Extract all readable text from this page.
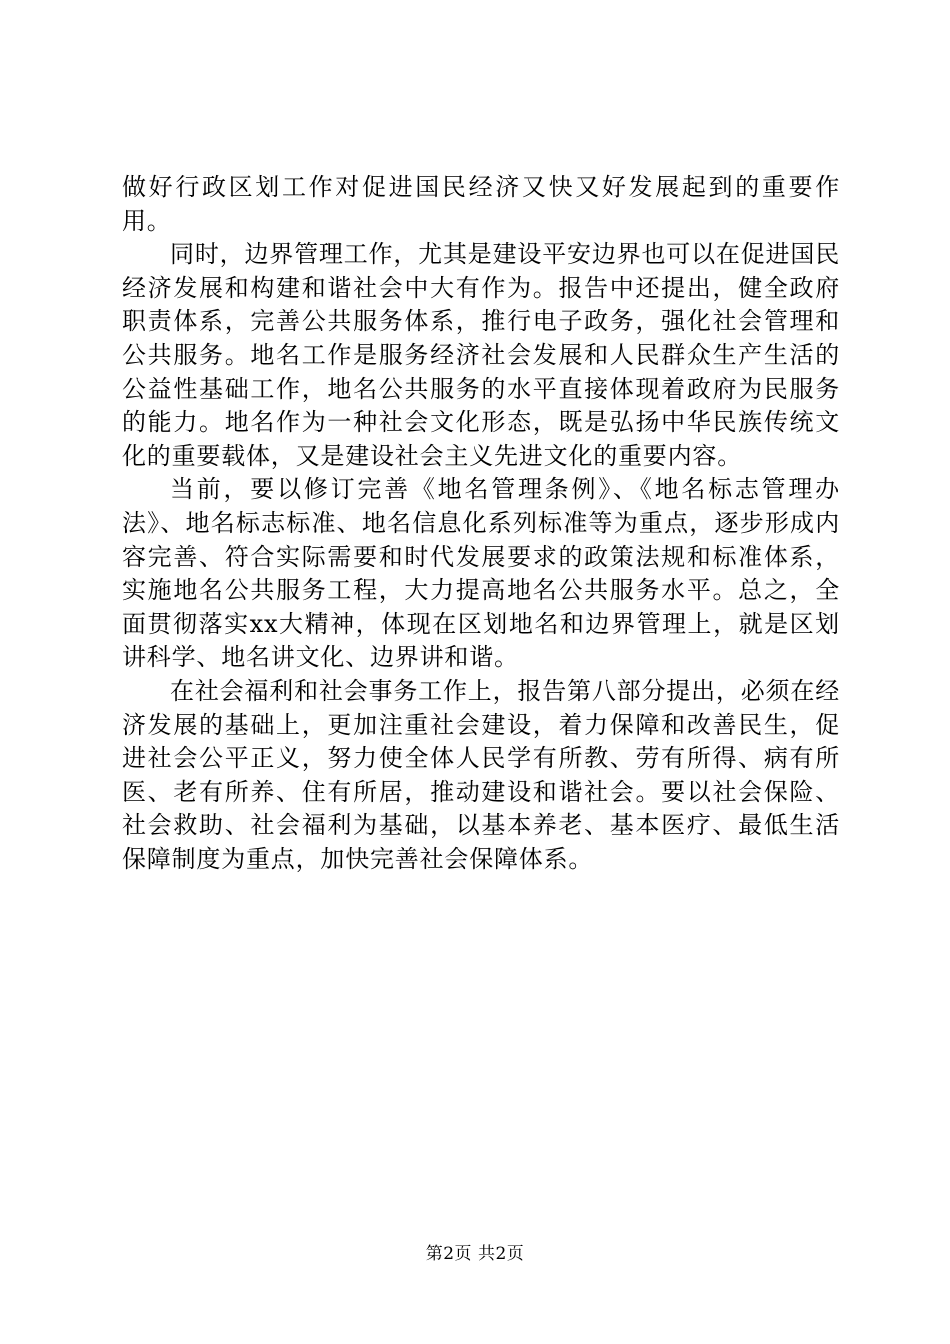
做好行政区划工作对促进国民经济又快又好发展起到的重要作用。

同时，边界管理工作，尤其是建设平安边界也可以在促进国民经济发展和构建和谐社会中大有作为。报告中还提出，健全政府职责体系，完善公共服务体系，推行电子政务，强化社会管理和公共服务。地名工作是服务经济社会发展和人民群众生产生活的公益性基础工作，地名公共服务的水平直接体现着政府为民服务的能力。地名作为一种社会文化形态，既是弘扬中华民族传统文化的重要载体，又是建设社会主义先进文化的重要内容。

当前，要以修订完善《地名管理条例》、《地名标志管理办法》、地名标志标准、地名信息化系列标准等为重点，逐步形成内容完善、符合实际需要和时代发展要求的政策法规和标准体系，实施地名公共服务工程，大力提高地名公共服务水平。总之，全面贯彻落实xx大精神，体现在区划地名和边界管理上，就是区划讲科学、地名讲文化、边界讲和谐。

在社会福利和社会事务工作上，报告第八部分提出，必须在经济发展的基础上，更加注重社会建设，着力保障和改善民生，促进社会公平正义，努力使全体人民学有所教、劳有所得、病有所医、老有所养、住有所居，推动建设和谐社会。要以社会保险、社会救助、社会福利为基础，以基本养老、基本医疗、最低生活保障制度为重点，加快完善社会保障体系。

第2页 共2页
